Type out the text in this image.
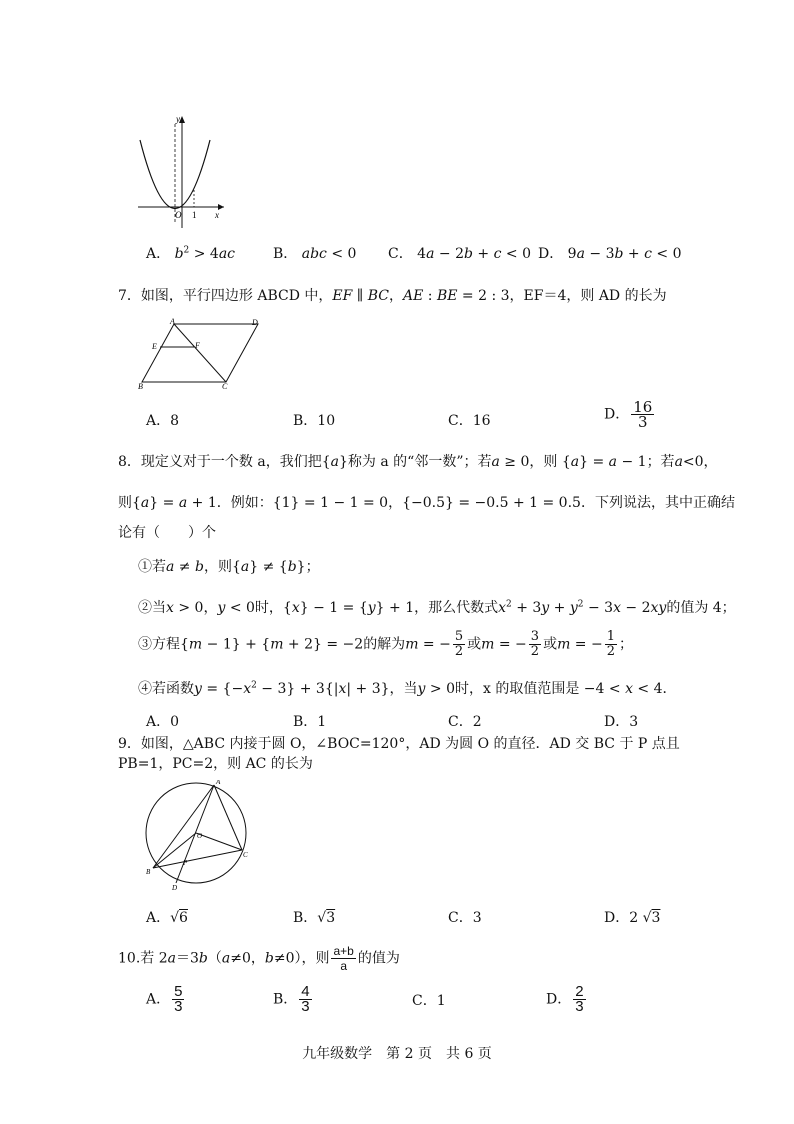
y
x
O 1
A． $b^2 > 4ac$	B． abc < 0 C． 4a − 2b + c < 0 D． 9a − 3b + c < 0
7．如图，平行四边形 ABCD 中，EF ∥ BC，AE : BE = 2 : 3，EF＝4，则 AD 的长为
A	D
E	F
B	C
A．8	B．10	C．16	D． $\frac{16}{3}$
8．现定义对于一个数 a，我们把{a}称为 a 的“邻一数”；若a ≥ 0，则 {a} = a − 1；若a<0，
则{a} = a + 1．例如：{1} = 1 − 1 = 0，{−0.5} = −0.5 + 1 = 0.5．下列说法，其中正确结
论有（　　）个
①若a ≠ b，则{a} ≠ {b}；
②当x > 0，y < 0时，{x} − 1 = {y} + 1，那么代数式$x^2 + 3y + y^2 - 3x - 2xy$的值为 4；
③方程{m − 1} + {m + 2} = −2的解为m = − $\frac{5}{2}$ 或m = − $\frac{3}{2}$ 或m = − $\frac{1}{2}$ ；
④若函数$y = \{-x^2 - 3\} + 3\{|x| + 3\}$，当y > 0时，x 的取值范围是 −4 < x < 4．
A．0	B．1	C．2	D．3
9．如图，△ABC 内接于圆 O，∠BOC=120°，AD 为圆 O 的直径．AD 交 BC 于 P 点且
PB=1，PC=2，则 AC 的长为
A
O
B
C
P
D
A．√6	B．√3	C．3	D．2 √3
10.若 2a＝3b（a≠0，b≠0），则 $\frac{a+b}{a}$ 的值为
A． $\frac{5}{3}$	B． $\frac{4}{3}$	C．1	D． $\frac{2}{3}$
九年级数学　第 2 页　共 6 页
